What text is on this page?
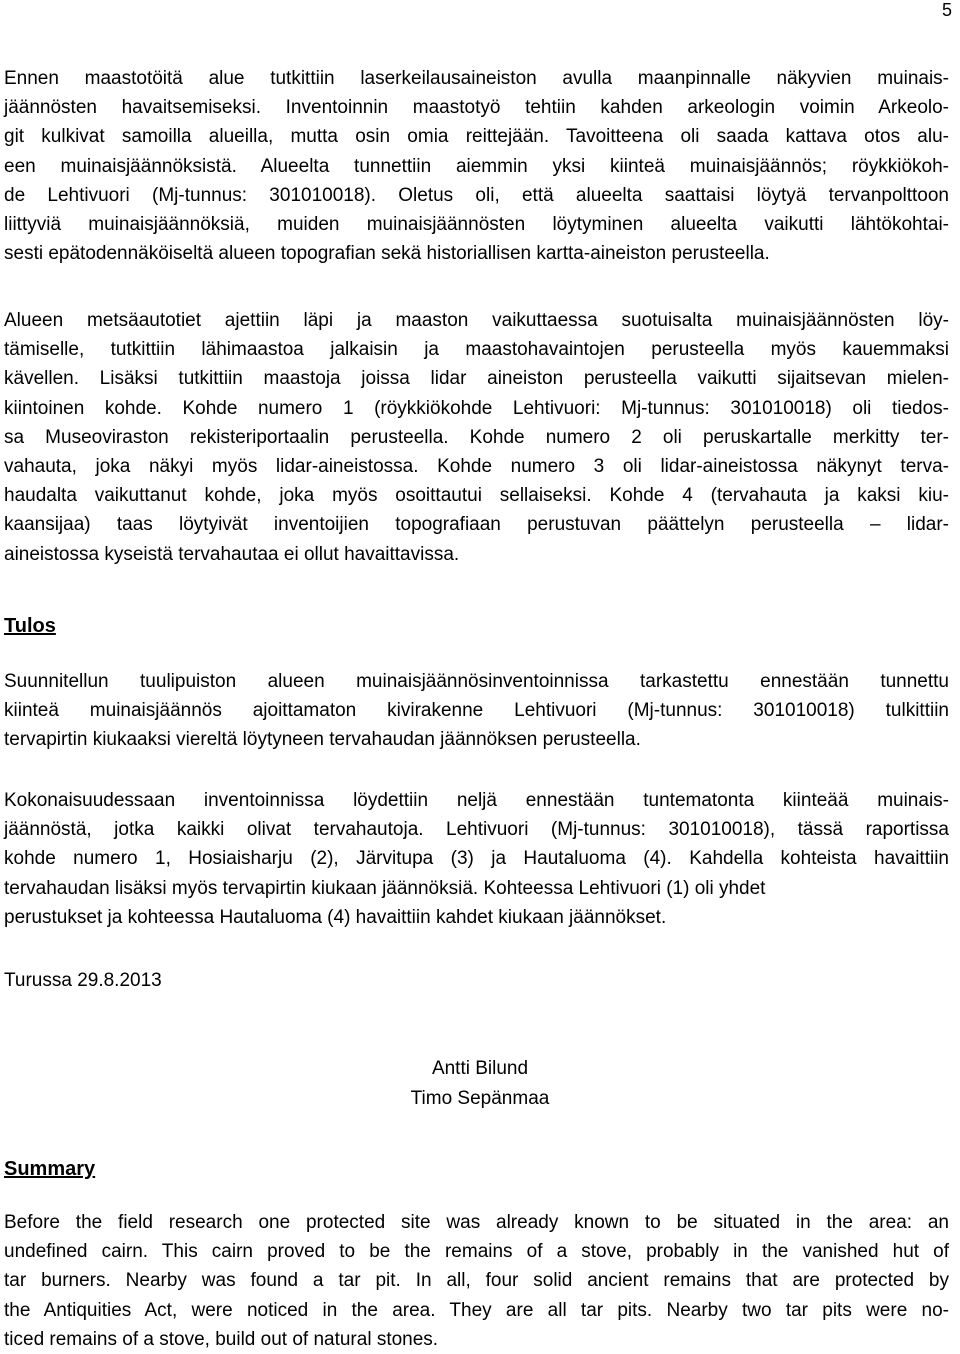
5
Ennen maastotöitä alue tutkittiin laserkeilausaineiston avulla maanpinnalle näkyvien muinais-
jäännösten havaitsemiseksi. Inventoinnin maastotyö tehtiin kahden arkeologin voimin Arkeolo-
git kulkivat samoilla alueilla, mutta osin omia reittejään. Tavoitteena oli saada kattava otos alu-
een muinaisjäännöksistä. Alueelta tunnettiin aiemmin yksi kiinteä muinaisjäännös; röykkiökoh-
de Lehtivuori (Mj-tunnus: 301010018). Oletus oli, että alueelta saattaisi löytyä tervanpolttoon
liittyviä muinaisjäännöksiä, muiden muinaisjäännösten löytyminen alueelta vaikutti lähtökohtai-
sesti epätodennäköiseltä alueen topografian sekä historiallisen kartta-aineiston perusteella.
Alueen metsäautotiet ajettiin läpi ja maaston vaikuttaessa suotuisalta muinaisjäännösten löy-
tämiselle, tutkittiin lähimaastoa jalkaisin ja maastohavaintojen perusteella myös kauemmaksi
kävellen. Lisäksi tutkittiin maastoja joissa lidar aineiston perusteella vaikutti sijaitsevan mielen-
kiintoinen kohde. Kohde numero 1 (röykkiökohde Lehtivuori: Mj-tunnus: 301010018) oli tiedos-
sa Museoviraston rekisteriportaalin perusteella. Kohde numero 2 oli peruskartalle merkitty ter-
vahauta, joka näkyi myös lidar-aineistossa. Kohde numero 3 oli lidar-aineistossa näkynyt terva-
haudalta vaikuttanut kohde, joka myös osoittautui sellaiseksi. Kohde 4 (tervahauta ja kaksi kiu-
kaansijaa) taas löytyivät inventoijien topografiaan perustuvan päättelyn perusteella – lidar-
aineistossa kyseistä tervahautaa ei ollut havaittavissa.
Tulos
Suunnitellun tuulipuiston alueen muinaisjäännösinventoinnissa tarkastettu ennestään tunnettu
kiinteä muinaisjäännös ajoittamaton kivirakenne Lehtivuori (Mj-tunnus: 301010018) tulkittiin
tervapirtin kiukaaksi viereltä löytyneen tervahaudan jäännöksen perusteella.
Kokonaisuudessaan inventoinnissa löydettiin neljä ennestään tuntematonta kiinteää muinais-
jäännöstä, jotka kaikki olivat tervahautoja. Lehtivuori (Mj-tunnus: 301010018), tässä raportissa
kohde numero 1, Hosiaisharju (2), Järvitupa (3) ja Hautaluoma (4). Kahdella kohteista havaittiin
tervahaudan lisäksi myös tervapirtin kiukaan jäännöksiä. Kohteessa Lehtivuori (1) oli yhdet
perustukset ja kohteessa Hautaluoma (4) havaittiin kahdet kiukaan jäännökset.
Turussa 29.8.2013
Antti Bilund
Timo Sepänmaa
Summary
Before the field research one protected site was already known to be situated in the area: an
undefined cairn. This cairn proved to be the remains of a stove, probably in the vanished hut of
tar burners. Nearby was found a tar pit. In all, four solid ancient remains that are protected by
the Antiquities Act, were noticed in the area. They are all tar pits. Nearby two tar pits were no-
ticed remains of a stove, build out of natural stones.
